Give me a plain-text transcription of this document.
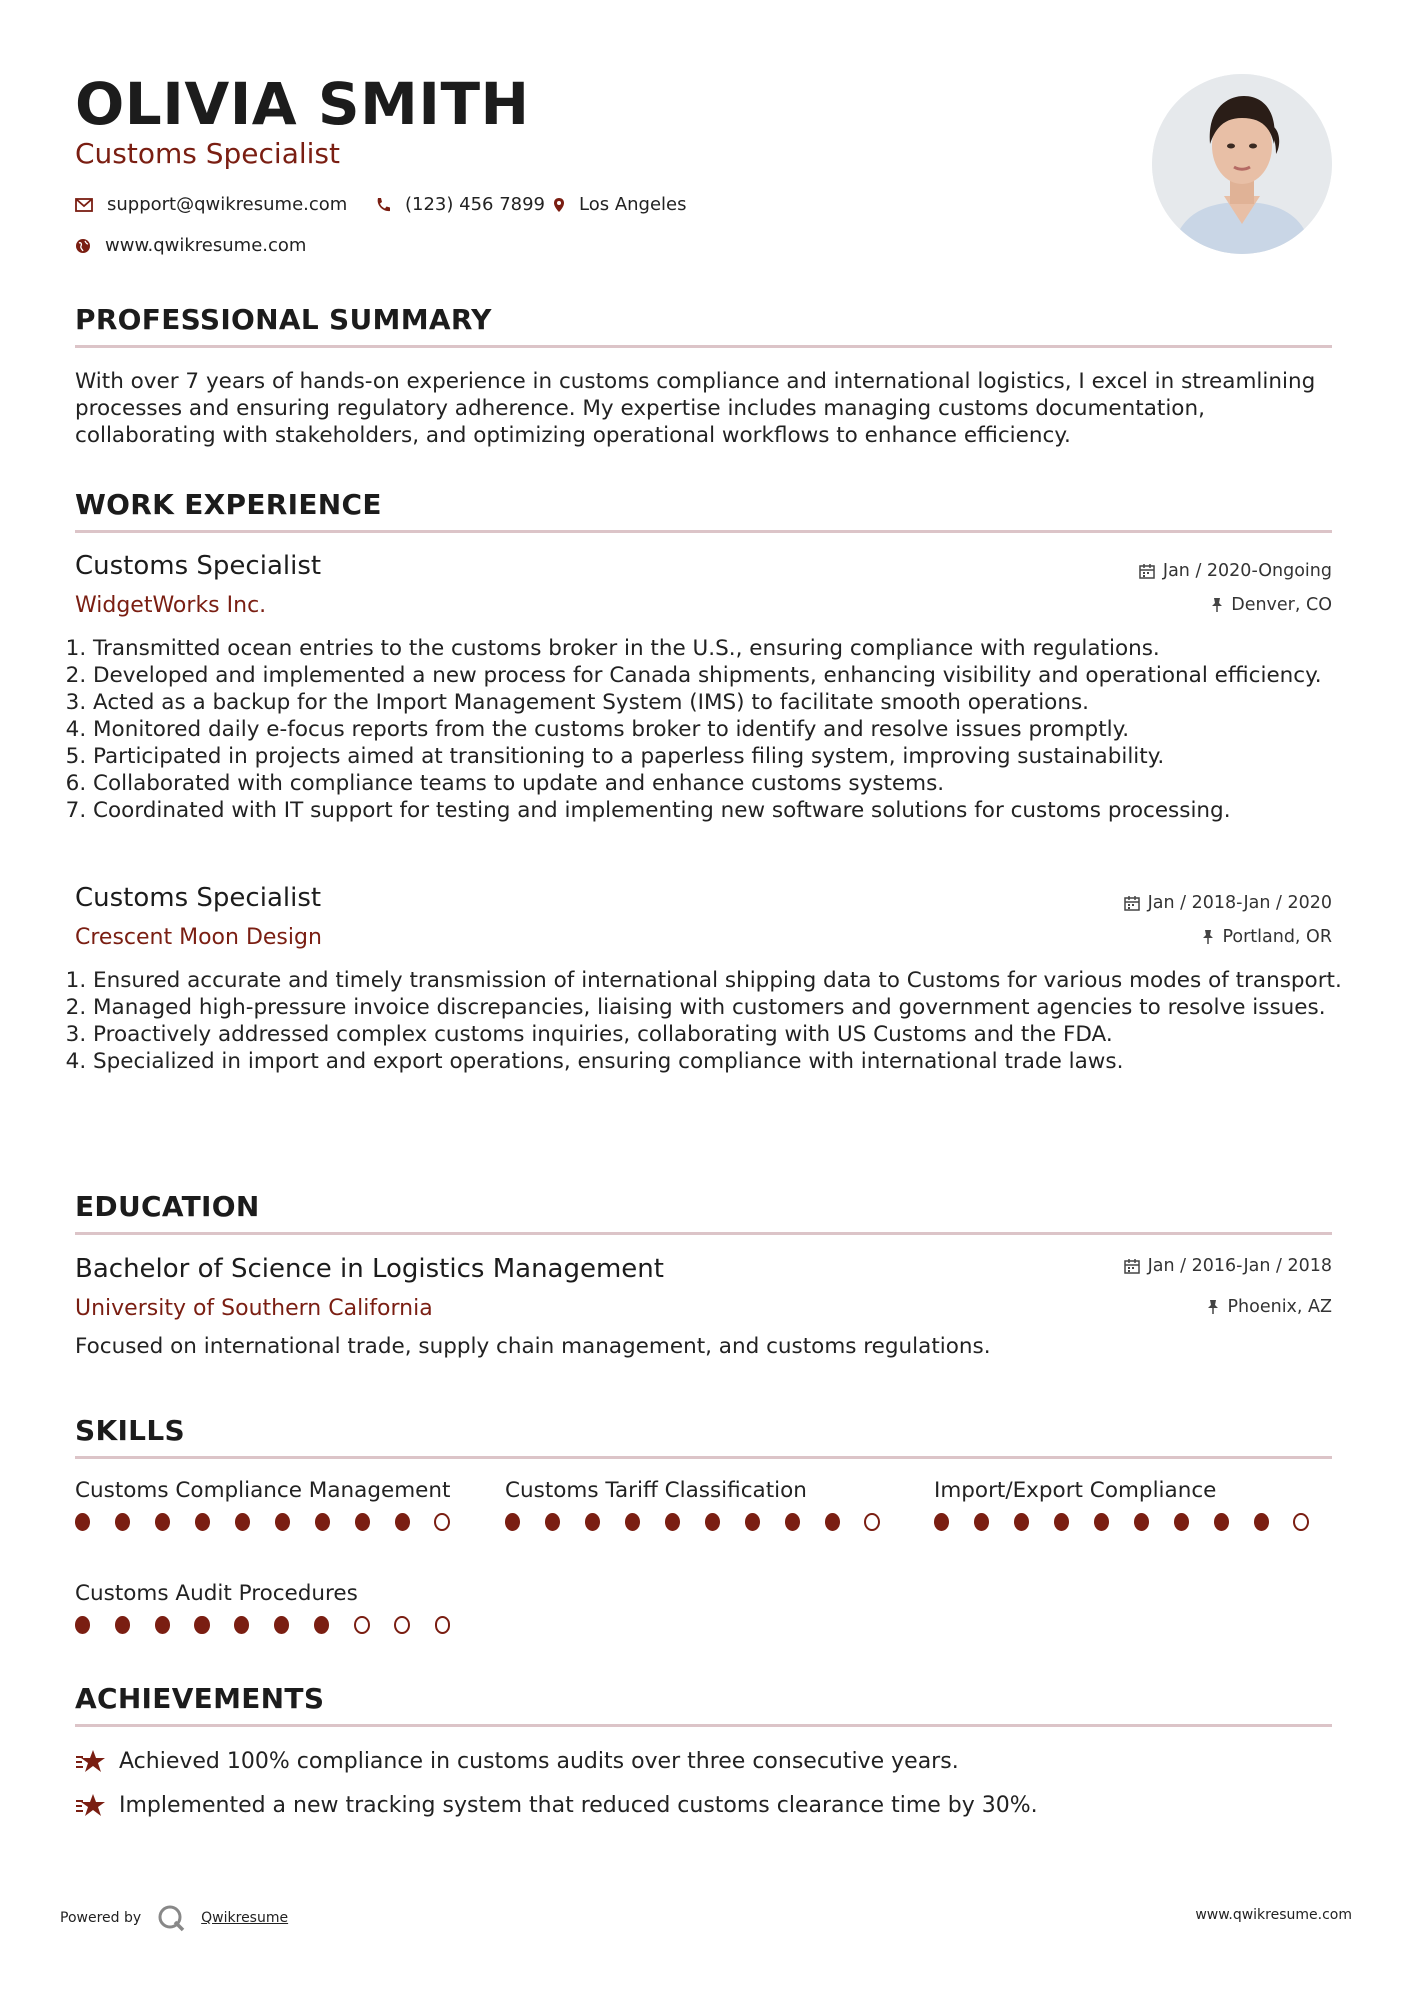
OLIVIA SMITH
Customs Specialist
support@qwikresume.com	(123) 456 7899 Los Angeles
www.qwikresume.com
PROFESSIONAL SUMMARY
With over 7 years of hands-on experience in customs compliance and international logistics, I excel in streamlining processes and ensuring regulatory adherence. My expertise includes managing customs documentation, collaborating with stakeholders, and optimizing operational workflows to enhance efficiency.
WORK EXPERIENCE
Customs Specialist
WidgetWorks Inc.
Jan / 2020-Ongoing
Denver, CO
1. Transmitted ocean entries to the customs broker in the U.S., ensuring compliance with regulations.
2. Developed and implemented a new process for Canada shipments, enhancing visibility and operational efficiency.
3. Acted as a backup for the Import Management System (IMS) to facilitate smooth operations.
4. Monitored daily e-focus reports from the customs broker to identify and resolve issues promptly.
5. Participated in projects aimed at transitioning to a paperless filing system, improving sustainability.
6. Collaborated with compliance teams to update and enhance customs systems.
7. Coordinated with IT support for testing and implementing new software solutions for customs processing.
Customs Specialist
Crescent Moon Design
Jan / 2018-Jan / 2020
Portland, OR
1. Ensured accurate and timely transmission of international shipping data to Customs for various modes of transport.
2. Managed high-pressure invoice discrepancies, liaising with customers and government agencies to resolve issues.
3. Proactively addressed complex customs inquiries, collaborating with US Customs and the FDA.
4. Specialized in import and export operations, ensuring compliance with international trade laws.
EDUCATION
Bachelor of Science in Logistics Management
University of Southern California
Jan / 2016-Jan / 2018
Phoenix, AZ
Focused on international trade, supply chain management, and customs regulations.
SKILLS
Customs Compliance Management	Customs Tariff Classification	Import/Export Compliance
Customs Audit Procedures
ACHIEVEMENTS
Achieved 100% compliance in customs audits over three consecutive years.
Implemented a new tracking system that reduced customs clearance time by 30%.
Powered by	Qwikresume	www.qwikresume.com
